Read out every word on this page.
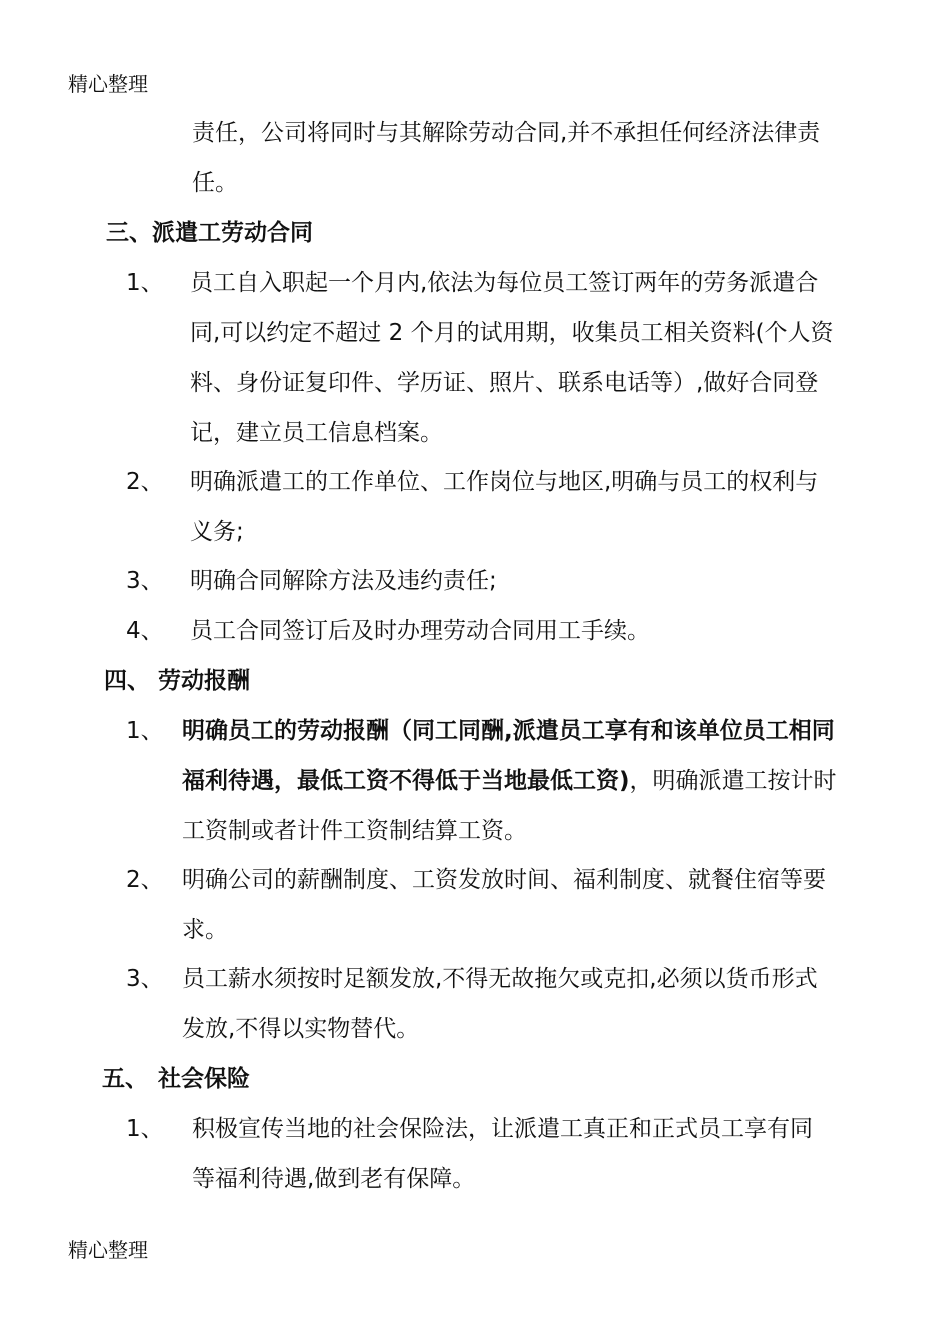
精心整理
责任，公司将同时与其解除劳动合同,并不承担任何经济法律责
任。
三、派遣工劳动合同
1、 员工自入职起一个月内,依法为每位员工签订两年的劳务派遣合
同,可以约定不超过 2 个月的试用期，收集员工相关资料(个人资
料、身份证复印件、学历证、照片、联系电话等）,做好合同登
记，建立员工信息档案。
2、 明确派遣工的工作单位、工作岗位与地区,明确与员工的权利与
义务;
3、 明确合同解除方法及违约责任;
4、 员工合同签订后及时办理劳动合同用工手续。
四、 劳动报酬
1、 明确员工的劳动报酬（同工同酬,派遣员工享有和该单位员工相同
福利待遇，最低工资不得低于当地最低工资)，明确派遣工按计时
工资制或者计件工资制结算工资。
2、 明确公司的薪酬制度、工资发放时间、福利制度、就餐住宿等要
求。
3、 员工薪水须按时足额发放,不得无故拖欠或克扣,必须以货币形式
发放,不得以实物替代。
五、 社会保险
1、 积极宣传当地的社会保险法，让派遣工真正和正式员工享有同
等福利待遇,做到老有保障。
精心整理
